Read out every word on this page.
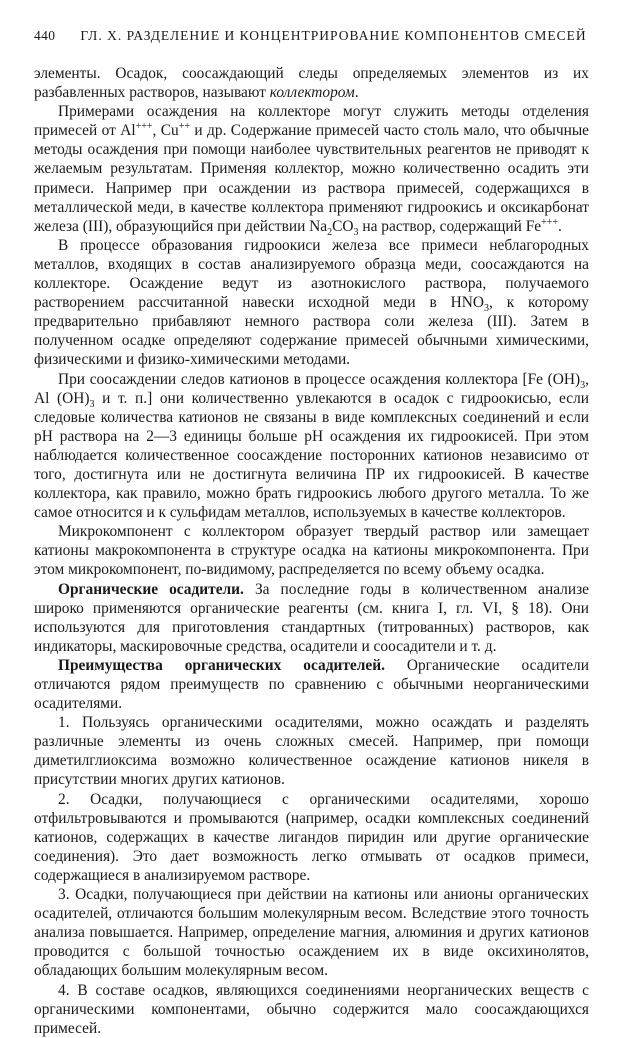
440	ГЛ. X. РАЗДЕЛЕНИЕ И КОНЦЕНТРИРОВАНИЕ КОМПОНЕНТОВ СМЕСЕЙ

элементы. Осадок, соосаждающий следы определяемых элементов из их разбавленных растворов, называют коллектором.

Примерами осаждения на коллекторе могут служить методы отделения примесей от Al+++, Cu++ и др. Содержание примесей часто столь мало, что обычные методы осаждения при помощи наиболее чувствительных реагентов не приводят к желаемым результатам. Применяя коллектор, можно количественно осадить эти примеси. Например при осаждении из раствора примесей, содержащихся в металлической меди, в качестве коллектора применяют гидроокись и оксикарбонат железа (III), образующийся при действии $Na_2CO_3$ на раствор, содержащий Fe+++.

В процессе образования гидроокиси железа все примеси неблагородных металлов, входящих в состав анализируемого образца меди, соосаждаются на коллекторе. Осаждение ведут из азотнокислого раствора, получаемого растворением рассчитанной навески исходной меди в $HNO_3$, к которому предварительно прибавляют немного раствора соли железа (III). Затем в полученном осадке определяют содержание примесей обычными химическими, физическими и физико-химическими методами.

При соосаждении следов катионов в процессе осаждения коллектора [Fe $(OH)_3$, Al $(OH)_3$ и т. п.] они количественно увлекаются в осадок с гидроокисью, если следовые количества катионов не связаны в виде комплексных соединений и если pH раствора на 2—3 единицы больше pH осаждения их гидроокисей. При этом наблюдается количественное соосаждение посторонних катионов независимо от того, достигнута или не достигнута величина ПР их гидроокисей. В качестве коллектора, как правило, можно брать гидроокись любого другого металла. То же самое относится и к сульфидам металлов, используемых в качестве коллекторов.

Микрокомпонент с коллектором образует твердый раствор или замещает катионы макрокомпонента в структуре осадка на катионы микрокомпонента. При этом микрокомпонент, по-видимому, распределяется по всему объему осадка.

Органические осадители. За последние годы в количественном анализе широко применяются органические реагенты (см. книга I, гл. VI, § 18). Они используются для приготовления стандартных (титрованных) растворов, как индикаторы, маскировочные средства, осадители и соосадители и т. д.

Преимущества органических осадителей. Органические осадители отличаются рядом преимуществ по сравнению с обычными неорганическими осадителями.

1. Пользуясь органическими осадителями, можно осаждать и разделять различные элементы из очень сложных смесей. Например, при помощи диметилглиоксима возможно количественное осаждение катионов никеля в присутствии многих других катионов.

2. Осадки, получающиеся с органическими осадителями, хорошо отфильтровываются и промываются (например, осадки комплексных соединений катионов, содержащих в качестве лигандов пиридин или другие органические соединения). Это дает возможность легко отмывать от осадков примеси, содержащиеся в анализируемом растворе.

3. Осадки, получающиеся при действии на катионы или анионы органических осадителей, отличаются большим молекулярным весом. Вследствие этого точность анализа повышается. Например, определение магния, алюминия и других катионов проводится с большой точностью осаждением их в виде оксихинолятов, обладающих большим молекулярным весом.

4. В составе осадков, являющихся соединениями неорганических веществ с органическими компонентами, обычно содержится мало соосаждающихся примесей.
